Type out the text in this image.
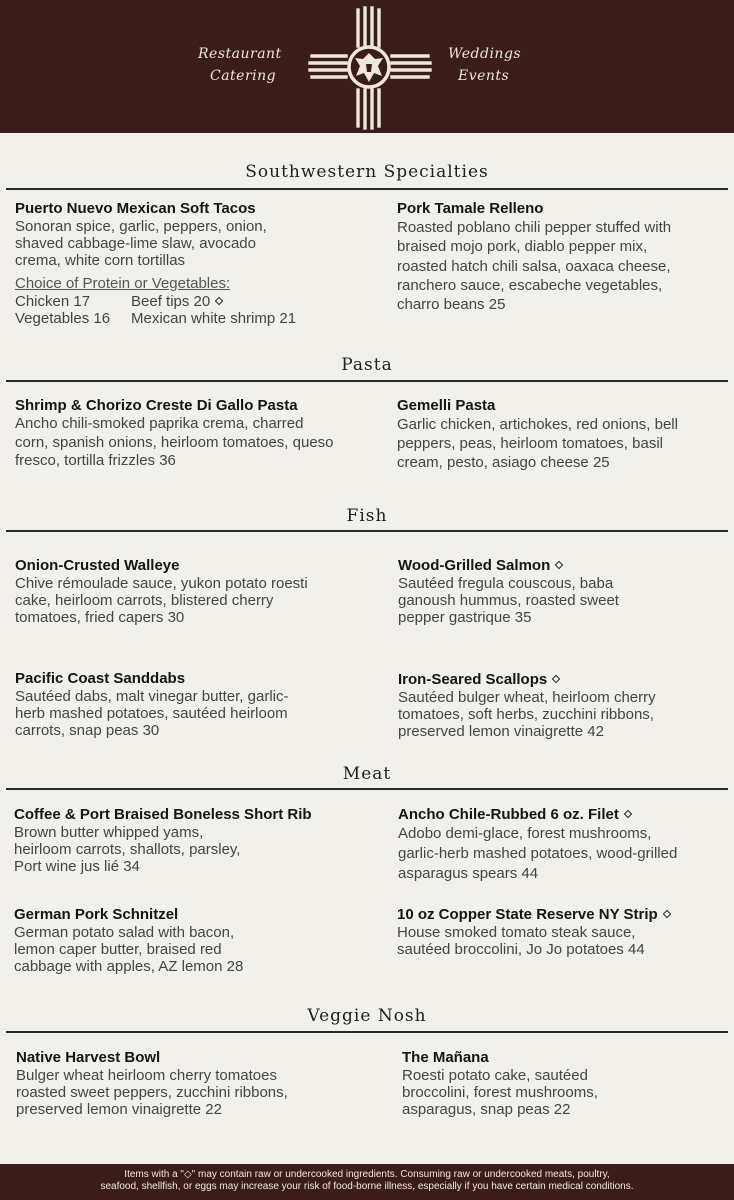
Restaurant
Catering
Weddings
Events
Southwestern Specialties
Puerto Nuevo Mexican Soft Tacos
Sonoran spice, garlic, peppers, onion, shaved cabbage-lime slaw, avocado crema, white corn tortillas
Choice of Protein or Vegetables:
Chicken 17	Beef tips 20
Vegetables 16	Mexican white shrimp 21
Pork Tamale Relleno
Roasted poblano chili pepper stuffed with braised mojo pork, diablo pepper mix, roasted hatch chili salsa, oaxaca cheese, ranchero sauce, escabeche vegetables, charro beans 25
Pasta
Shrimp & Chorizo Creste Di Gallo Pasta
Ancho chili-smoked paprika crema, charred corn, spanish onions, heirloom tomatoes, queso fresco, tortilla frizzles 36
Gemelli Pasta
Garlic chicken, artichokes, red onions, bell peppers, peas, heirloom tomatoes, basil cream, pesto, asiago cheese 25
Fish
Onion-Crusted Walleye
Chive rémoulade sauce, yukon potato roesti cake, heirloom carrots, blistered cherry tomatoes, fried capers 30
Wood-Grilled Salmon
Sautéed fregula couscous, baba ganoush hummus, roasted sweet pepper gastrique 35
Pacific Coast Sanddabs
Sautéed dabs, malt vinegar butter, garlic-herb mashed potatoes, sautéed heirloom carrots, snap peas 30
Iron-Seared Scallops
Sautéed bulger wheat, heirloom cherry tomatoes, soft herbs, zucchini ribbons, preserved lemon vinaigrette 42
Meat
Coffee & Port Braised Boneless Short Rib
Brown butter whipped yams, heirloom carrots, shallots, parsley, Port wine jus lié 34
Ancho Chile-Rubbed 6 oz. Filet
Adobo demi-glace, forest mushrooms, garlic-herb mashed potatoes, wood-grilled asparagus spears 44
German Pork Schnitzel
German potato salad with bacon, lemon caper butter, braised red cabbage with apples, AZ lemon 28
10 oz Copper State Reserve NY Strip
House smoked tomato steak sauce, sautéed broccolini, Jo Jo potatoes 44
Veggie Nosh
Native Harvest Bowl
Bulger wheat heirloom cherry tomatoes roasted sweet peppers, zucchini ribbons, preserved lemon vinaigrette 22
The Mañana
Roesti potato cake, sautéed broccolini, forest mushrooms, asparagus, snap peas 22
Items with a "◇" may contain raw or undercooked ingredients. Consuming raw or undercooked meats, poultry,
seafood, shellfish, or eggs may increase your risk of food-borne illness, especially if you have certain medical conditions.
